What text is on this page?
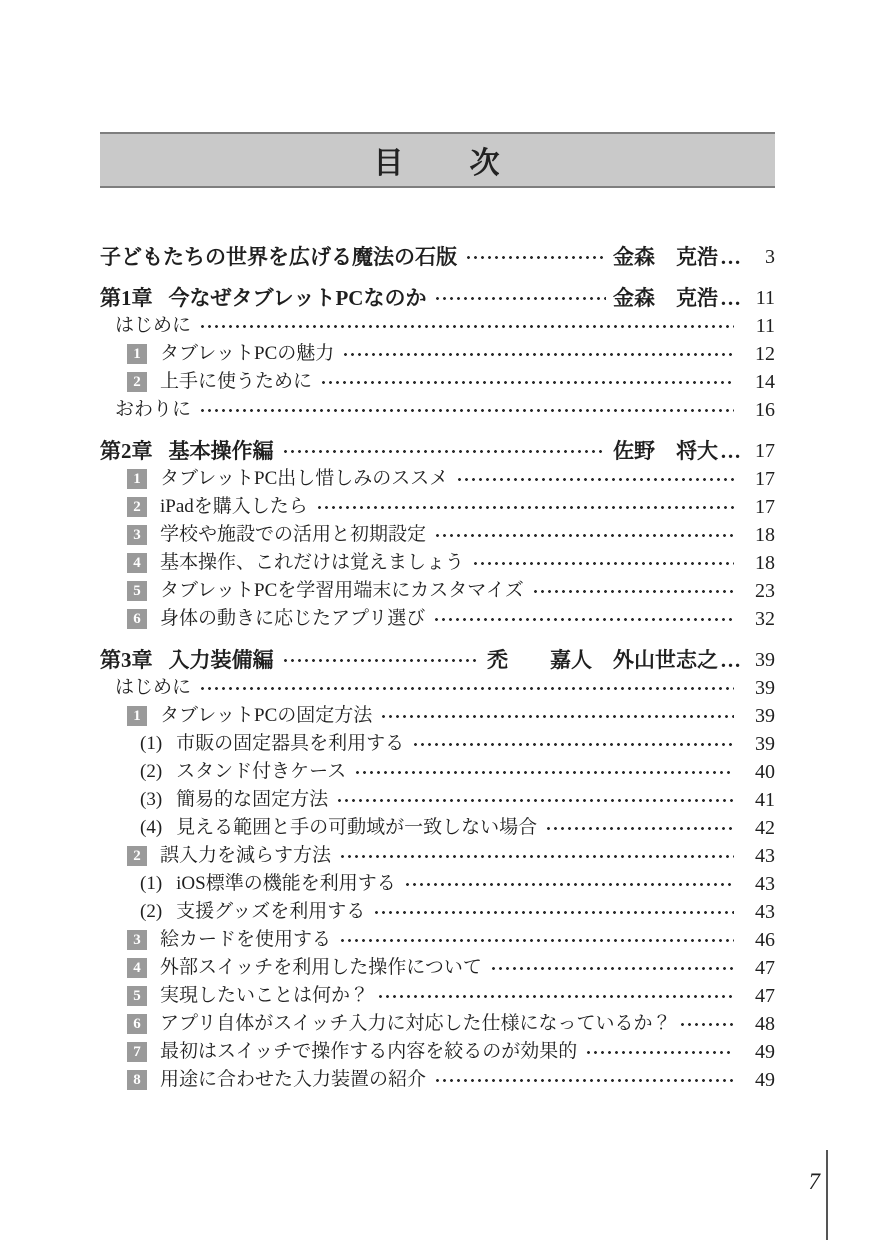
目　　次
子どもたちの世界を広げる魔法の石版	金森　克浩 …	3
第1章 今なぜタブレットPCなのか	金森　克浩 … 11
はじめに	11
1	タブレットPCの魅力	12
2	上手に使うために	14
おわりに	16
第2章 基本操作編	佐野　将大 … 17
1	タブレットPC出し惜しみのススメ	17
2	iPadを購入したら	17
3	学校や施設での活用と初期設定	18
4	基本操作、これだけは覚えましょう	18
5	タブレットPCを学習用端末にカスタマイズ	23
6	身体の動きに応じたアプリ選び	32
第3章 入力装備編	禿　　嘉人　外山世志之 … 39
はじめに	39
1	タブレットPCの固定方法	39
(1) 市販の固定器具を利用する	39
(2) スタンド付きケース	40
(3) 簡易的な固定方法	41
(4) 見える範囲と手の可動域が一致しない場合	42
2	誤入力を減らす方法	43
(1) iOS標準の機能を利用する	43
(2) 支援グッズを利用する	43
3	絵カードを使用する	46
4	外部スイッチを利用した操作について	47
5	実現したいことは何か？	47
6	アプリ自体がスイッチ入力に対応した仕様になっているか？	48
7	最初はスイッチで操作する内容を絞るのが効果的	49
8	用途に合わせた入力装置の紹介	49
7
